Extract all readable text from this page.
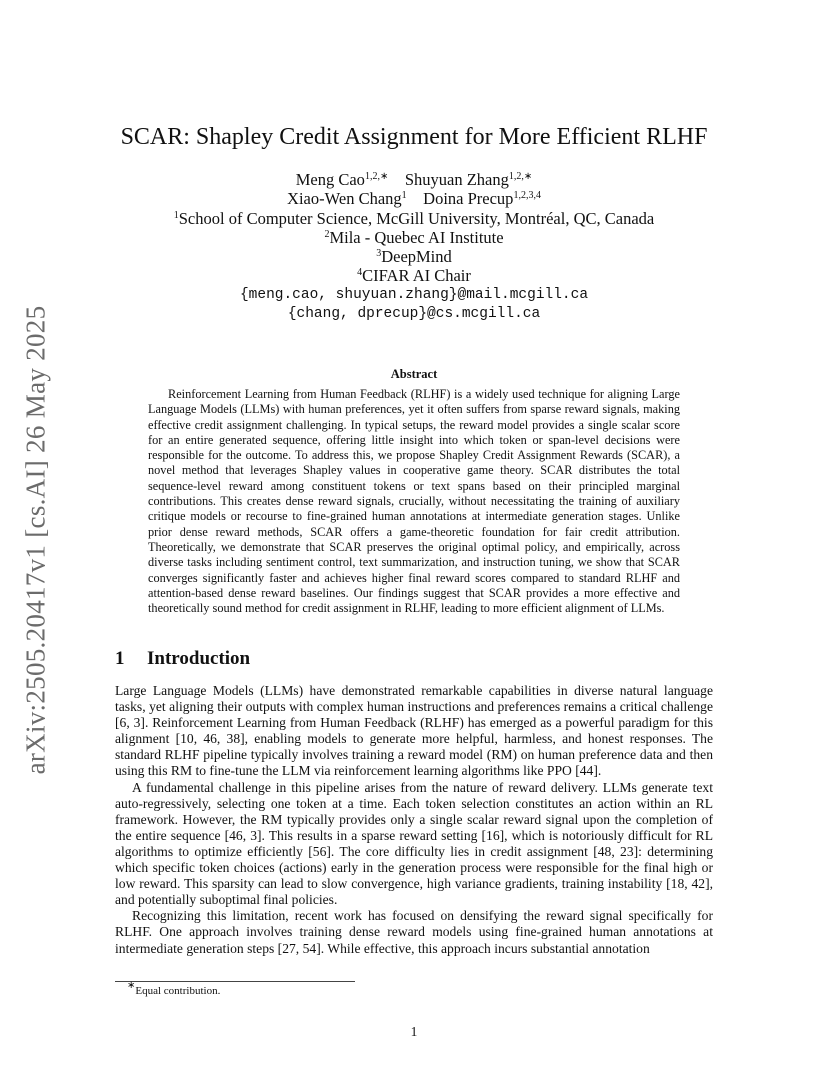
arXiv:2505.20417v1 [cs.AI] 26 May 2025
SCAR: Shapley Credit Assignment for More Efficient RLHF
Meng Cao$^{1,2,∗}$ Shuyuan Zhang$^{1,2,∗}$
Xiao-Wen Chang$^1$ Doina Precup$^{1,2,3,4}$
$^1$School of Computer Science, McGill University, Montréal, QC, Canada
$^2$Mila - Quebec AI Institute
$^3$DeepMind
$^4$CIFAR AI Chair
{meng.cao, shuyuan.zhang}@mail.mcgill.ca
{chang, dprecup}@cs.mcgill.ca
Abstract

Reinforcement Learning from Human Feedback (RLHF) is a widely used technique for aligning Large Language Models (LLMs) with human preferences, yet it often suffers from sparse reward signals, making effective credit assignment challenging. In typical setups, the reward model provides a single scalar score for an entire generated sequence, offering little insight into which token or span-level decisions were responsible for the outcome. To address this, we propose Shapley Credit Assignment Rewards (SCAR), a novel method that leverages Shapley values in cooperative game theory. SCAR distributes the total sequence-level reward among constituent tokens or text spans based on their principled marginal contributions. This creates dense reward signals, crucially, without necessitating the training of auxiliary critique models or recourse to fine-grained human annotations at intermediate generation stages. Unlike prior dense reward methods, SCAR offers a game-theoretic foundation for fair credit attribution. Theoretically, we demonstrate that SCAR preserves the original optimal policy, and empirically, across diverse tasks including sentiment control, text summarization, and instruction tuning, we show that SCAR converges significantly faster and achieves higher final reward scores compared to standard RLHF and attention-based dense reward baselines. Our findings suggest that SCAR provides a more effective and theoretically sound method for credit assignment in RLHF, leading to more efficient alignment of LLMs.

1 Introduction

Large Language Models (LLMs) have demonstrated remarkable capabilities in diverse natural language tasks, yet aligning their outputs with complex human instructions and preferences remains a critical challenge [6, 3]. Reinforcement Learning from Human Feedback (RLHF) has emerged as a powerful paradigm for this alignment [10, 46, 38], enabling models to generate more helpful, harmless, and honest responses. The standard RLHF pipeline typically involves training a reward model (RM) on human preference data and then using this RM to fine-tune the LLM via reinforcement learning algorithms like PPO [44].

A fundamental challenge in this pipeline arises from the nature of reward delivery. LLMs generate text auto-regressively, selecting one token at a time. Each token selection constitutes an action within an RL framework. However, the RM typically provides only a single scalar reward signal upon the completion of the entire sequence [46, 3]. This results in a sparse reward setting [16], which is notoriously difficult for RL algorithms to optimize efficiently [56]. The core difficulty lies in credit assignment [48, 23]: determining which specific token choices (actions) early in the generation process were responsible for the final high or low reward. This sparsity can lead to slow convergence, high variance gradients, training instability [18, 42], and potentially suboptimal final policies.

Recognizing this limitation, recent work has focused on densifying the reward signal specifically for RLHF. One approach involves training dense reward models using fine-grained human annotations at intermediate generation steps [27, 54]. While effective, this approach incurs substantial annotation

∗Equal contribution.
1
